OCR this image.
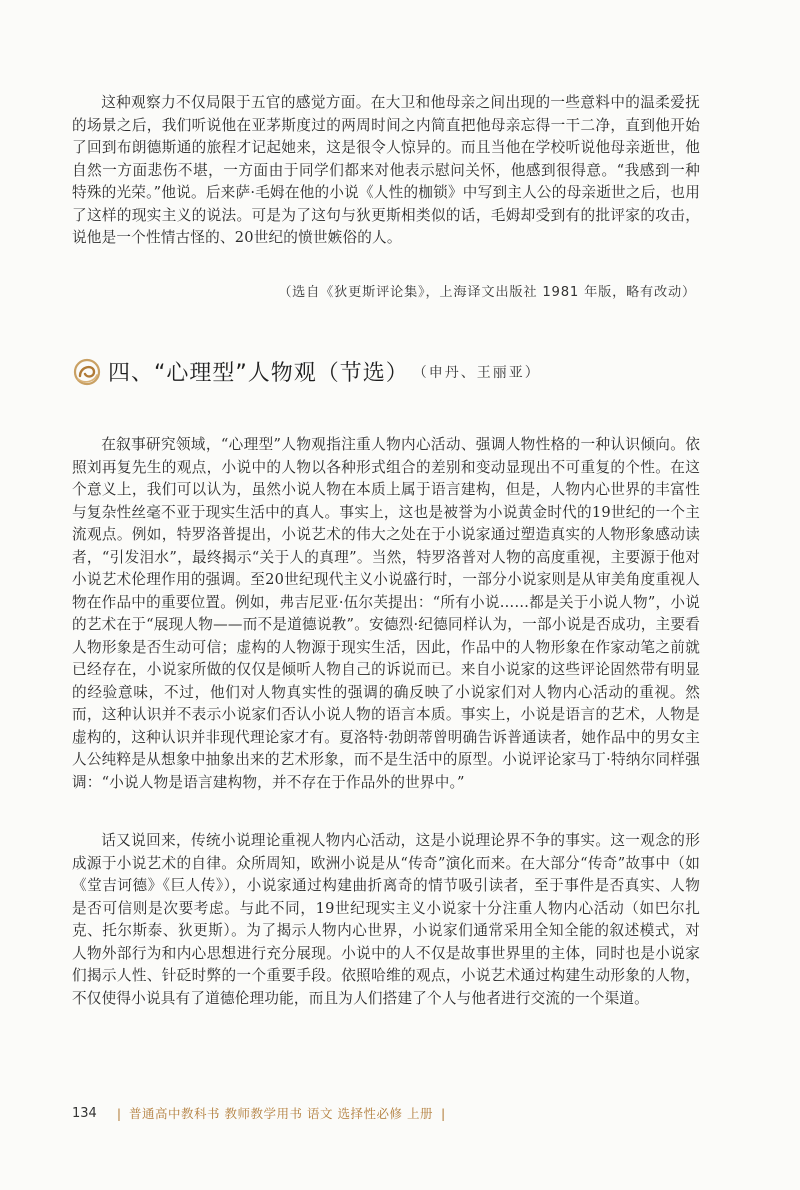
这种观察力不仅局限于五官的感觉方面。在大卫和他母亲之间出现的一些意料中的温柔爱抚的场景之后，我们听说他在亚茅斯度过的两周时间之内简直把他母亲忘得一干二净，直到他开始了回到布朗德斯通的旅程才记起她来，这是很令人惊异的。而且当他在学校听说他母亲逝世，他自然一方面悲伤不堪，一方面由于同学们都来对他表示慰问关怀，他感到很得意。“我感到一种特殊的光荣。”他说。后来萨·毛姆在他的小说《人性的枷锁》中写到主人公的母亲逝世之后，也用了这样的现实主义的说法。可是为了这句与狄更斯相类似的话，毛姆却受到有的批评家的攻击，说他是一个性情古怪的、20世纪的愤世嫉俗的人。

（选自《狄更斯评论集》，上海译文出版社 1981 年版，略有改动）
四、“心理型”人物观（节选） （申丹、王丽亚）

在叙事研究领域，“心理型”人物观指注重人物内心活动、强调人物性格的一种认识倾向。依照刘再复先生的观点，小说中的人物以各种形式组合的差别和变动显现出不可重复的个性。在这个意义上，我们可以认为，虽然小说人物在本质上属于语言建构，但是，人物内心世界的丰富性与复杂性丝毫不亚于现实生活中的真人。事实上，这也是被誉为小说黄金时代的19世纪的一个主流观点。例如，特罗洛普提出，小说艺术的伟大之处在于小说家通过塑造真实的人物形象感动读者，“引发泪水”，最终揭示“关于人的真理”。当然，特罗洛普对人物的高度重视，主要源于他对小说艺术伦理作用的强调。至20世纪现代主义小说盛行时，一部分小说家则是从审美角度重视人物在作品中的重要位置。例如，弗吉尼亚·伍尔芙提出：“所有小说……都是关于小说人物”，小说的艺术在于“展现人物——而不是道德说教”。安德烈·纪德同样认为，一部小说是否成功，主要看人物形象是否生动可信；虚构的人物源于现实生活，因此，作品中的人物形象在作家动笔之前就已经存在，小说家所做的仅仅是倾听人物自己的诉说而已。来自小说家的这些评论固然带有明显的经验意味，不过，他们对人物真实性的强调的确反映了小说家们对人物内心活动的重视。然而，这种认识并不表示小说家们否认小说人物的语言本质。事实上，小说是语言的艺术，人物是虚构的，这种认识并非现代理论家才有。夏洛特·勃朗蒂曾明确告诉普通读者，她作品中的男女主人公纯粹是从想象中抽象出来的艺术形象，而不是生活中的原型。小说评论家马丁·特纳尔同样强调：“小说人物是语言建构物，并不存在于作品外的世界中。”

话又说回来，传统小说理论重视人物内心活动，这是小说理论界不争的事实。这一观念的形成源于小说艺术的自律。众所周知，欧洲小说是从“传奇”演化而来。在大部分“传奇”故事中（如《堂吉诃德》《巨人传》），小说家通过构建曲折离奇的情节吸引读者，至于事件是否真实、人物是否可信则是次要考虑。与此不同，19世纪现实主义小说家十分注重人物内心活动（如巴尔扎克、托尔斯泰、狄更斯）。为了揭示人物内心世界，小说家们通常采用全知全能的叙述模式，对人物外部行为和内心思想进行充分展现。小说中的人不仅是故事世界里的主体，同时也是小说家们揭示人性、针砭时弊的一个重要手段。依照哈维的观点，小说艺术通过构建生动形象的人物，不仅使得小说具有了道德伦理功能，而且为人们搭建了个人与他者进行交流的一个渠道。

134 | 普通高中教科书 教师教学用书 语文 选择性必修 上册 |
